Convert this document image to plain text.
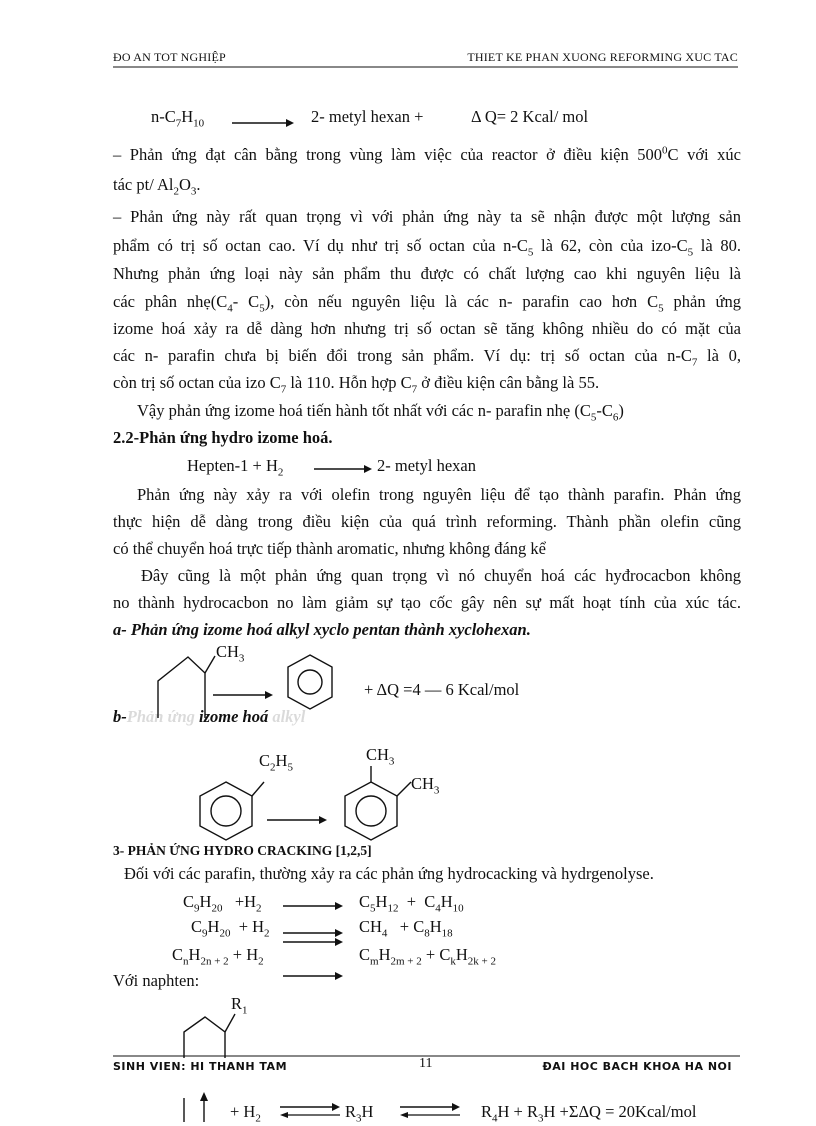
ĐO AN TOT NGHIỆP	THIET KE PHAN XUONG REFORMING XUC TAC
$n-C_7H_{10}$	2- metyl hexan +	Δ Q= 2 Kcal/ mol
– Phản ứng đạt cân bằng trong vùng làm việc của reactor ở điều kiện $500^0C$ với xúc
tác pt/ $Al_2O_3$.
– Phản ứng này rất quan trọng vì với phản ứng này ta sẽ nhận được một lượng sản
phẩm có trị số octan cao. Ví dụ như trị số octan của $n-C_5$ là 62, còn của izo-$C_5$ là 80.
Nhưng phản ứng loại này sản phẩm thu được có chất lượng cao khi nguyên liệu là
các phân $nhẹ(C_4-$ $C_5$), còn nếu nguyên liệu là các n- parafin cao hơn $C_5$ phản ứng
izome hoá xảy ra dễ dàng hơn nhưng trị số octan sẽ tăng không nhiều do có mặt của
các n- parafin chưa bị biến đổi trong sản phẩm. Ví dụ: trị số octan của $n-C_7$ là 0,
còn trị số octan của izo $C_7$ là 110. Hỗn hợp $C_7$ ở điều kiện cân bằng là 55.
Vậy phản ứng izome hoá tiến hành tốt nhất với các n- parafin nhẹ $(C_5-C_6)$
2.2-Phản ứng hydro izome hoá.
Hepten-1 + $H_2$	2- metyl hexan
Phản ứng này xảy ra với olefin trong nguyên liệu để tạo thành parafin. Phản ứng
thực hiện dễ dàng trong điều kiện của quá trình reforming. Thành phần olefin cũng
có thể chuyển hoá trực tiếp thành aromatic, nhưng không đáng kể
Đây cũng là một phản ứng quan trọng vì nó chuyển hoá các hyđrocacbon không
no thành hydrocacbon no làm giảm sự tạo cốc gây nên sự mất hoạt tính của xúc tác.
a- Phản ứng izome hoá alkyl xyclo pentan thành xyclohexan.
$CH_3$
+ ΔQ =4 — 6 Kcal/mol
b-Phản ứng izome hoá alkyl
$C_2H_5$
$CH_3$
$CH_3$
3- PHẢN ỨNG HYDRO CRACKING [1,2,5]
Đối với các parafin, thường xảy ra các phản ứng hydrocacking và hydrgenolyse.
$C_9H_{20} +H_2$	$C_5H_{12} + C_4H_{10}$
$C_9H_{20} + H_2$	$CH_4 + C_8H_{18}$
$C_nH_{2n + 2} + H_2$	$C_mH_{2m + 2} + C_kH_{2k + 2}$
Với naphten:
$R_1$
SINH VIEN: HI THANH TAM	11	ĐAI HOC BACH KHOA HA NOI
+ $H_2$	$R_3H$	$R_4H + R_3H +\Sigma\Delta Q$ = 20Kcal/mol
